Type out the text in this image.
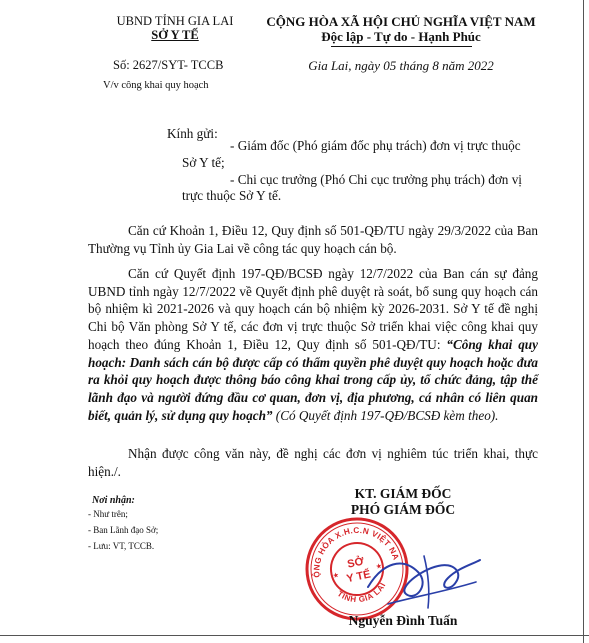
UBND TỈNH GIA LAI
SỞ Y TẾ
Số: 2627/SYT- TCCB
V/v công khai quy hoạch
CỘNG HÒA XÃ HỘI CHỦ NGHĨA VIỆT NAM
Độc lập - Tự do - Hạnh Phúc
Gia Lai, ngày 05 tháng 8 năm 2022
Kính gửi:
- Giám đốc (Phó giám đốc phụ trách) đơn vị trực thuộc
Sở Y tế;
- Chi cục trưởng (Phó Chi cục trưởng phụ trách) đơn vị
trực thuộc Sở Y tế.
Căn cứ Khoản 1, Điều 12, Quy định số 501-QĐ/TU ngày 29/3/2022 của Ban Thường vụ Tỉnh ủy Gia Lai về công tác quy hoạch cán bộ.
Căn cứ Quyết định 197-QĐ/BCSĐ ngày 12/7/2022 của Ban cán sự đảng UBND tỉnh ngày 12/7/2022 về Quyết định phê duyệt rà soát, bổ sung quy hoạch cán bộ nhiệm kì 2021-2026 và quy hoạch cán bộ nhiệm kỳ 2026-2031. Sở Y tế đề nghị Chi bộ Văn phòng Sở Y tế, các đơn vị trực thuộc Sở triển khai việc công khai quy hoạch theo đúng Khoản 1, Điều 12, Quy định số 501-QĐ/TU: “Công khai quy hoạch: Danh sách cán bộ được cấp có thẩm quyền phê duyệt quy hoạch hoặc đưa ra khỏi quy hoạch được thông báo công khai trong cấp ủy, tổ chức đảng, tập thể lãnh đạo và người đứng đầu cơ quan, đơn vị, địa phương, cá nhân có liên quan biết, quản lý, sử dụng quy hoạch” (Có Quyết định 197-QĐ/BCSĐ kèm theo).
Nhận được công văn này, đề nghị các đơn vị nghiêm túc triển khai, thực hiện./.
Nơi nhận:
- Như trên;
- Ban Lãnh đạo Sở;
- Lưu: VT, TCCB.
KT. GIÁM ĐỐC
PHÓ GIÁM ĐỐC
CỘNG HÒA X.H.C.N VIỆT NAM
TỈNH GIA LAI
SỞ
Y TẾ
★
★
Nguyễn Đình Tuấn
